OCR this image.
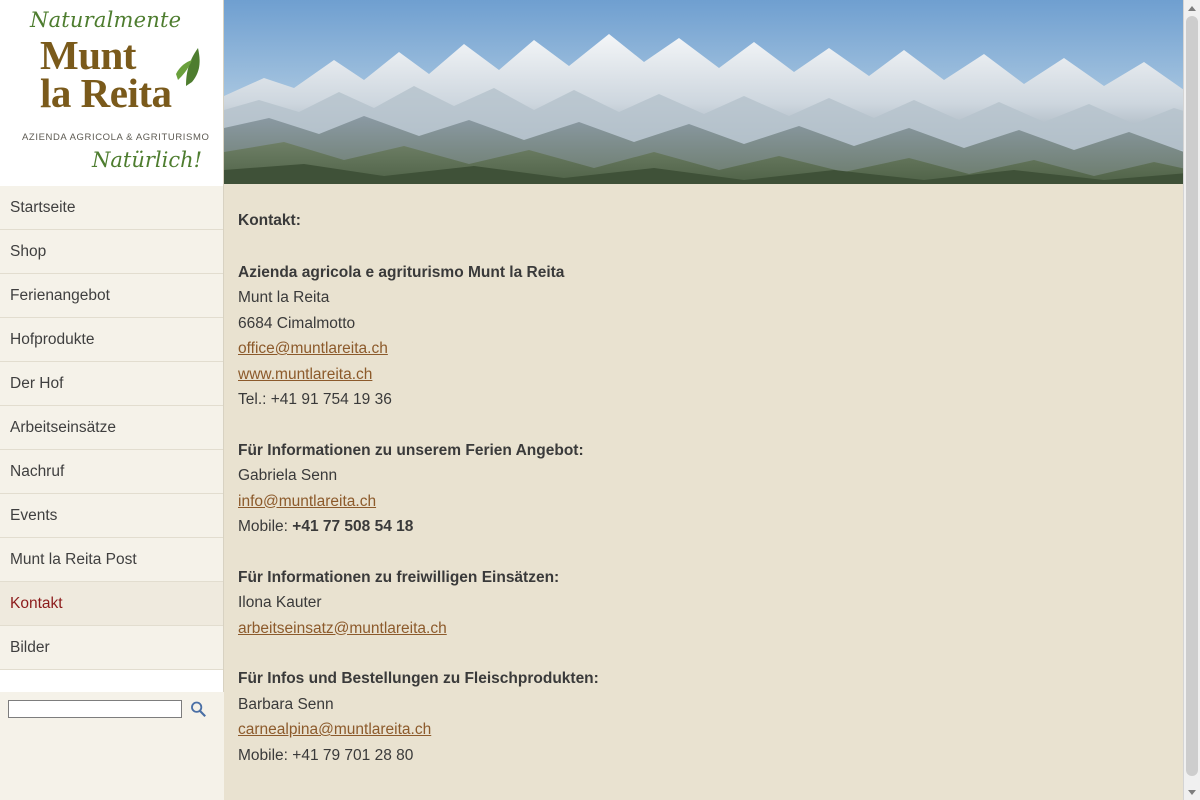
Naturalmente
Munt
la Reita
AZIENDA AGRICOLA & AGRITURISMO
Natürlich!
Startseite
Shop
Ferienangebot
Hofprodukte
Der Hof
Arbeitseinsätze
Nachruf
Events
Munt la Reita Post
Kontakt
Bilder
Kontakt:
Azienda agricola e agriturismo Munt la Reita
Munt la Reita
6684 Cimalmotto
office@muntlareita.ch
www.muntlareita.ch
Tel.: +41 91 754 19 36
Für Informationen zu unserem Ferien Angebot:
Gabriela Senn
info@muntlareita.ch
Mobile: +41 77 508 54 18
Für Informationen zu freiwilligen Einsätzen:
Ilona Kauter
arbeitseinsatz@muntlareita.ch
Für Infos und Bestellungen zu Fleischprodukten:
Barbara Senn
carnealpina@muntlareita.ch
Mobile: +41 79 701 28 80
